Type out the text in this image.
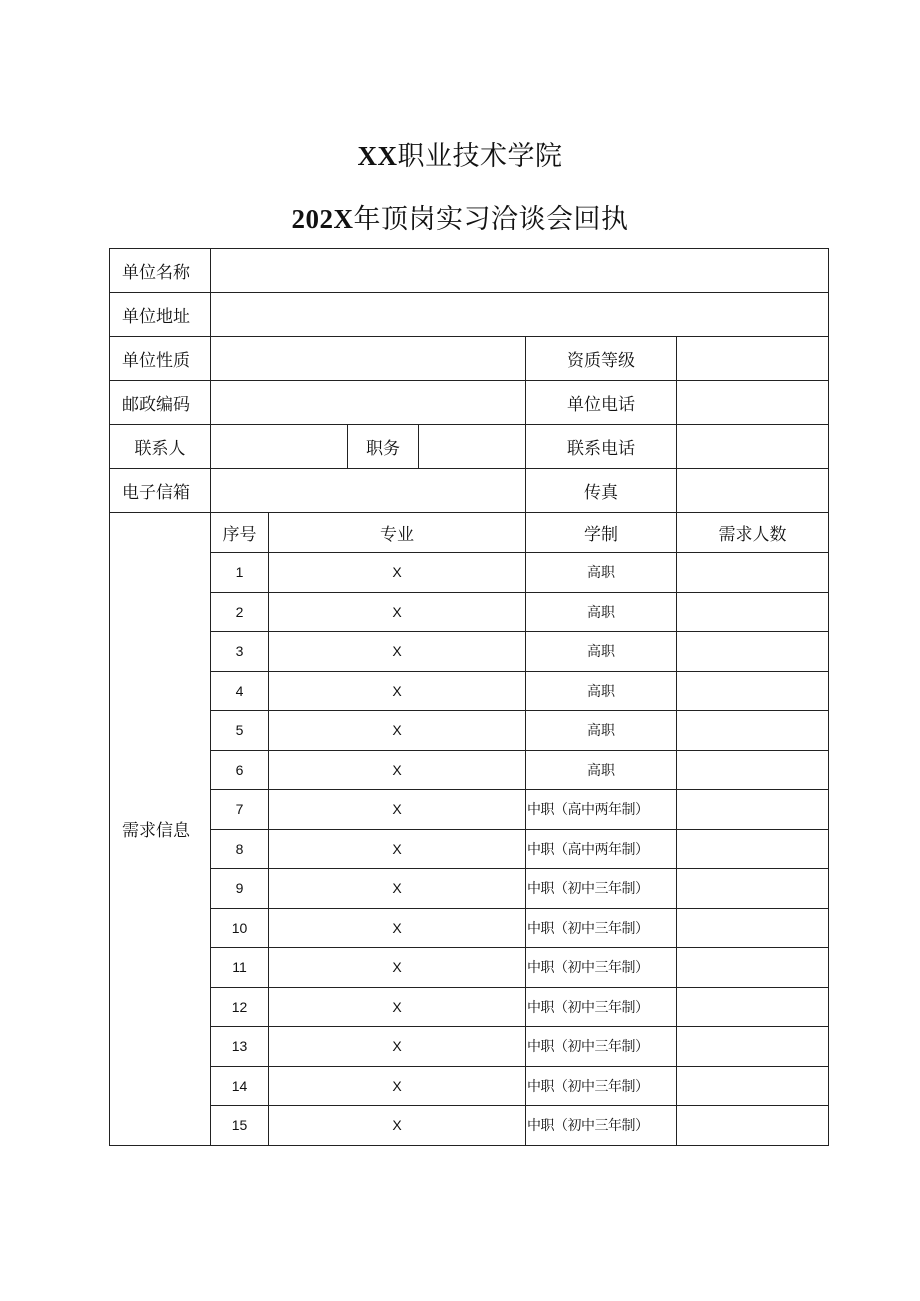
XX职业技术学院
202X年顶岗实习洽谈会回执
单位名称						
单位地址						
单位性质					资质等级	
邮政编码					单位电话	
联系人			职务		联系电话	
电子信箱					传真	
需求信息	序号	专业			学制	需求人数
	1	X			高职	
	2	X			高职	
	3	X			高职	
	4	X			高职	
	5	X			高职	
	6	X			高职	
	7	X			中职（高中两年制）	
	8	X			中职（高中两年制）	
	9	X			中职（初中三年制）	
	10	X			中职（初中三年制）	
	11	X			中职（初中三年制）	
	12	X			中职（初中三年制）	
	13	X			中职（初中三年制）	
	14	X			中职（初中三年制）	
	15	X			中职（初中三年制）	
